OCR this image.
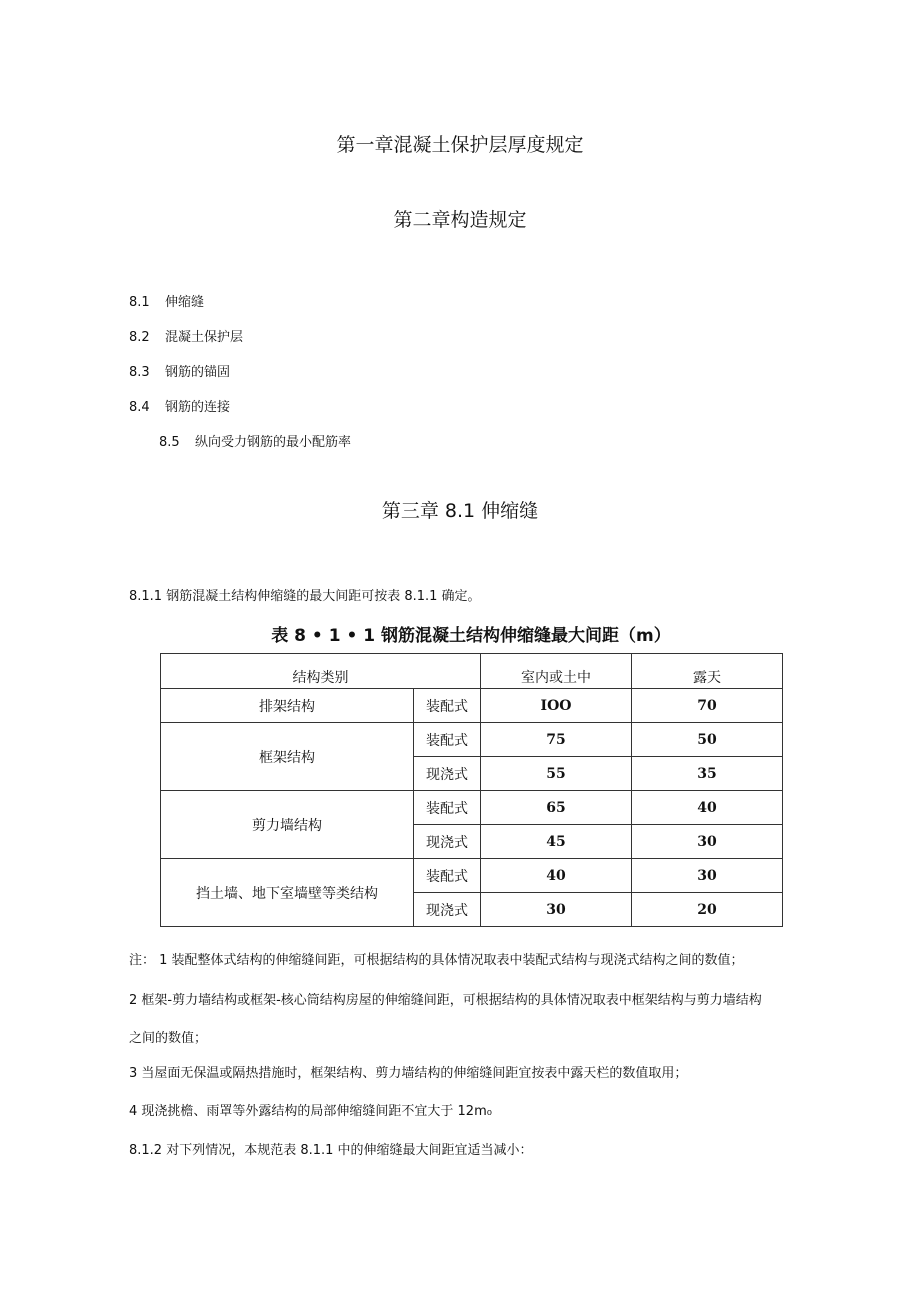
第一章混凝土保护层厚度规定
第二章构造规定
8.1 伸缩缝
8.2 混凝土保护层
8.3 钢筋的锚固
8.4 钢筋的连接
8.5 纵向受力钢筋的最小配筋率
第三章 8.1 伸缩缝
8.1.1 钢筋混凝土结构伸缩缝的最大间距可按表 8.1.1 确定。
表 8 • 1 • 1 钢筋混凝土结构伸缩缝最大间距（m）
结构类别		室内或土中	露天
排架结构	装配式	IOO	70
框架结构	装配式	75	50
	现浇式	55	35
剪力墙结构	装配式	65	40
	现浇式	45	30
挡土墙、地下室墙壁等类结构	装配式	40	30
	现浇式	30	20
注： 1 装配整体式结构的伸缩缝间距，可根据结构的具体情况取表中装配式结构与现浇式结构之间的数值；
2 框架-剪力墙结构或框架-核心筒结构房屋的伸缩缝间距，可根据结构的具体情况取表中框架结构与剪力墙结构
之间的数值；
3 当屋面无保温或隔热措施时，框架结构、剪力墙结构的伸缩缝间距宜按表中露天栏的数值取用；
4 现浇挑檐、雨罩等外露结构的局部伸缩缝间距不宜大于 12m₀
8.1.2 对下列情况，本规范表 8.1.1 中的伸缩缝最大间距宜适当减小：
